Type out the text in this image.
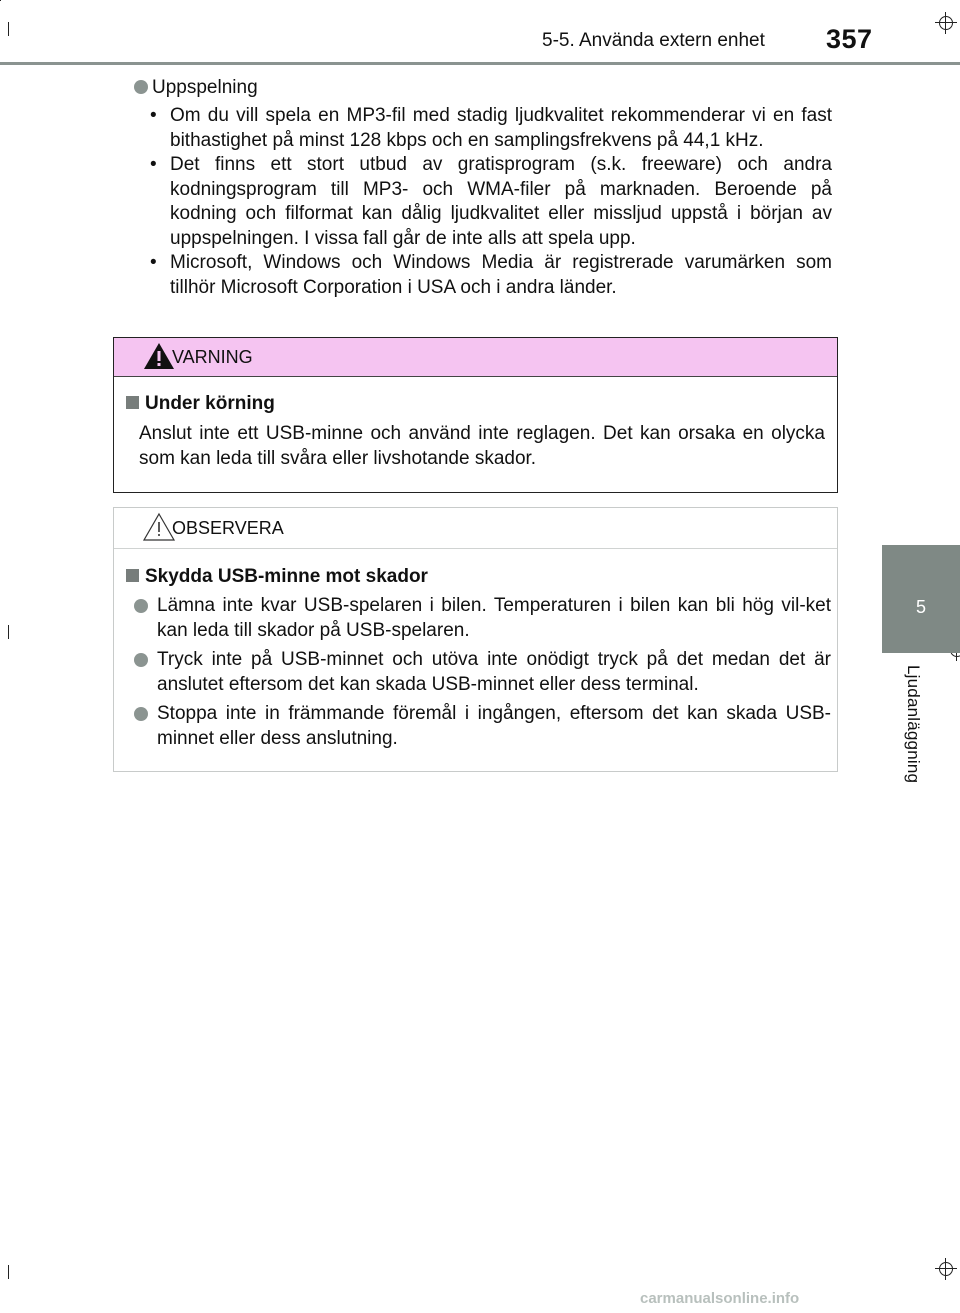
5-5. Använda extern enhet 357
5
Ljudanläggning
Uppspelning
• Om du vill spela en MP3-fil med stadig ljudkvalitet rekommenderar vi en fast bithastighet på minst 128 kbps och en samplingsfrekvens på 44,1 kHz.
• Det finns ett stort utbud av gratisprogram (s.k. freeware) och andra kodningsprogram till MP3- och WMA-filer på marknaden. Beroende på kodning och filformat kan dålig ljudkvalitet eller missljud uppstå i början av uppspelningen. I vissa fall går de inte alls att spela upp.
• Microsoft, Windows och Windows Media är registrerade varumärken som tillhör Microsoft Corporation i USA och i andra länder.
VARNING
Under körning
Anslut inte ett USB-minne och använd inte reglagen. Det kan orsaka en olycka som kan leda till svåra eller livshotande skador.
OBSERVERA
Skydda USB-minne mot skador
Lämna inte kvar USB-spelaren i bilen. Temperaturen i bilen kan bli hög vil-ket kan leda till skador på USB-spelaren.
Tryck inte på USB-minnet och utöva inte onödigt tryck på det medan det är anslutet eftersom det kan skada USB-minnet eller dess terminal.
Stoppa inte in främmande föremål i ingången, eftersom det kan skada USB-minnet eller dess anslutning.
carmanualsonline.info
